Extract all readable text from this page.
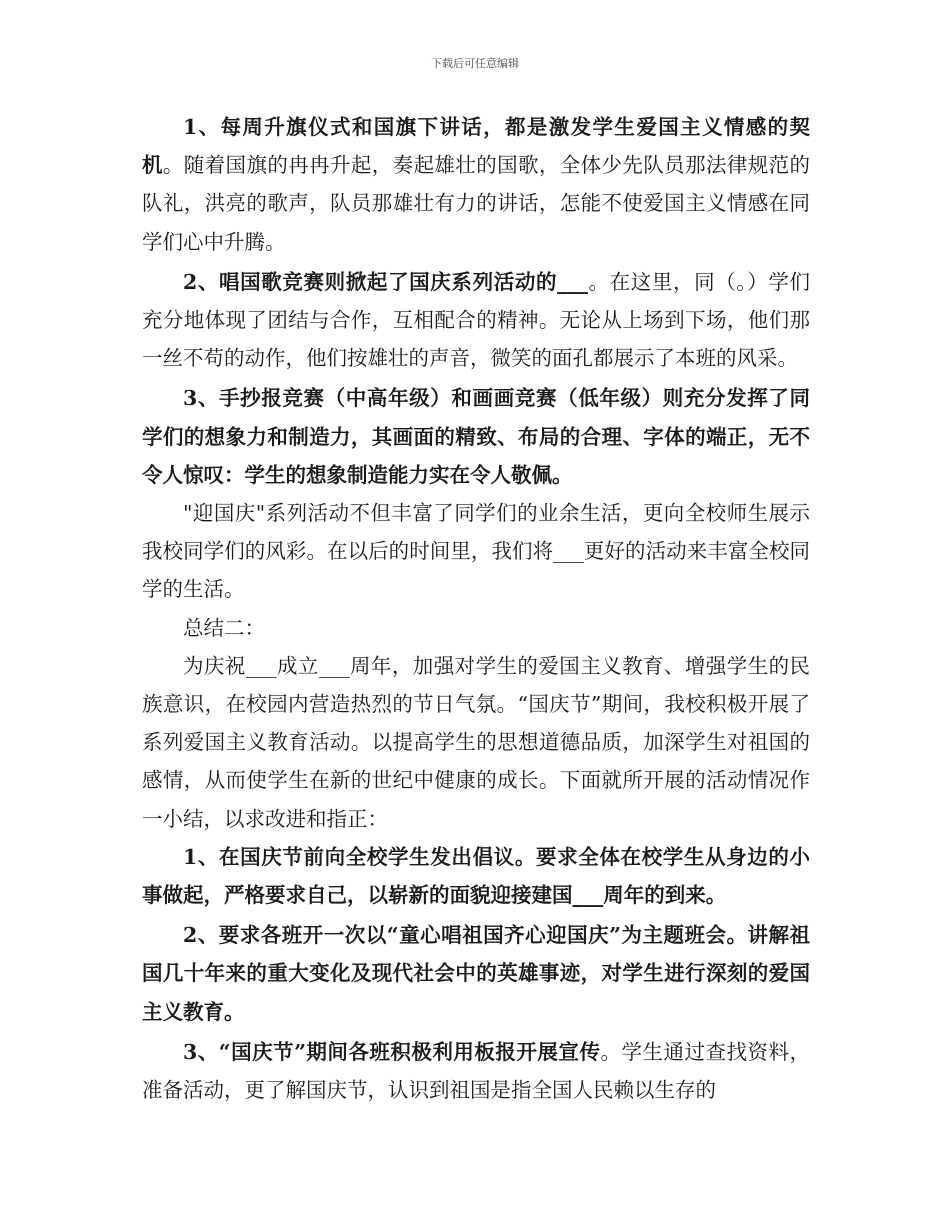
下载后可任意编辑

1、每周升旗仪式和国旗下讲话，都是激发学生爱国主义情感的契机。随着国旗的冉冉升起，奏起雄壮的国歌，全体少先队员那法律规范的队礼，洪亮的歌声，队员那雄壮有力的讲话，怎能不使爱国主义情感在同学们心中升腾。

2、唱国歌竞赛则掀起了国庆系列活动的___。在这里，同（。）学们充分地体现了团结与合作，互相配合的精神。无论从上场到下场，他们那一丝不苟的动作，他们按雄壮的声音，微笑的面孔都展示了本班的风采。

3、手抄报竞赛（中高年级）和画画竞赛（低年级）则充分发挥了同学们的想象力和制造力，其画面的精致、布局的合理、字体的端正，无不令人惊叹：学生的想象制造能力实在令人敬佩。

"迎国庆"系列活动不但丰富了同学们的业余生活，更向全校师生展示我校同学们的风彩。在以后的时间里，我们将___更好的活动来丰富全校同学的生活。

总结二：

为庆祝___成立___周年，加强对学生的爱国主义教育、增强学生的民族意识，在校园内营造热烈的节日气氛。“国庆节”期间，我校积极开展了系列爱国主义教育活动。以提高学生的思想道德品质，加深学生对祖国的感情，从而使学生在新的世纪中健康的成长。下面就所开展的活动情况作一小结，以求改进和指正：

1、在国庆节前向全校学生发出倡议。要求全体在校学生从身边的小事做起，严格要求自己，以崭新的面貌迎接建国___周年的到来。

2、要求各班开一次以“童心唱祖国齐心迎国庆”为主题班会。讲解祖国几十年来的重大变化及现代社会中的英雄事迹，对学生进行深刻的爱国主义教育。

3、“国庆节”期间各班积极利用板报开展宣传。学生通过查找资料，准备活动，更了解国庆节，认识到祖国是指全国人民赖以生存的
